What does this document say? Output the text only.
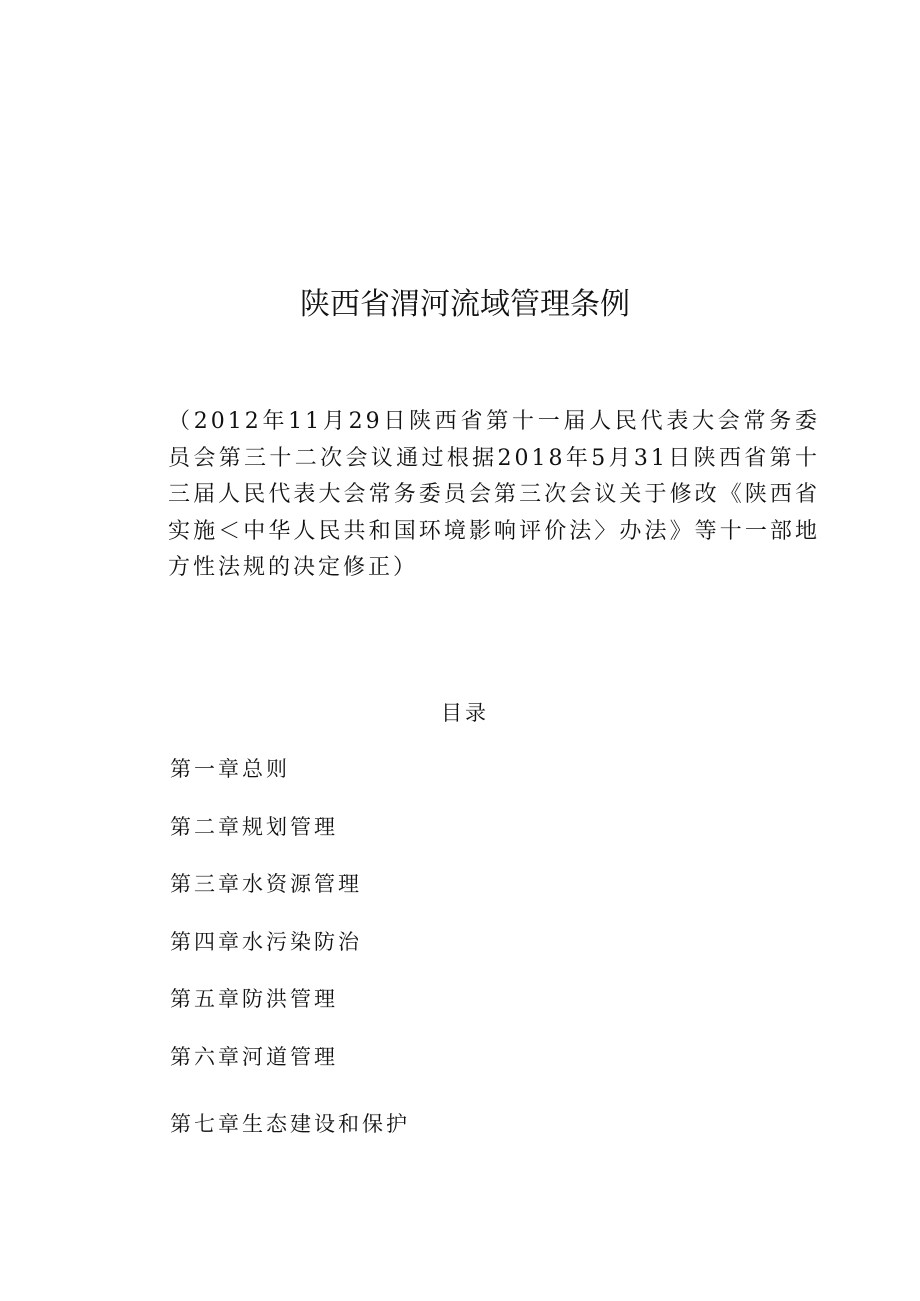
陕西省渭河流域管理条例

（2012年11月29日陕西省第十一届人民代表大会常务委员会第三十二次会议通过根据2018年5月31日陕西省第十三届人民代表大会常务委员会第三次会议关于修改《陕西省实施＜中华人民共和国环境影响评价法〉办法》等十一部地方性法规的决定修正）

目录
第一章总则
第二章规划管理
第三章水资源管理
第四章水污染防治
第五章防洪管理
第六章河道管理
第七章生态建设和保护
